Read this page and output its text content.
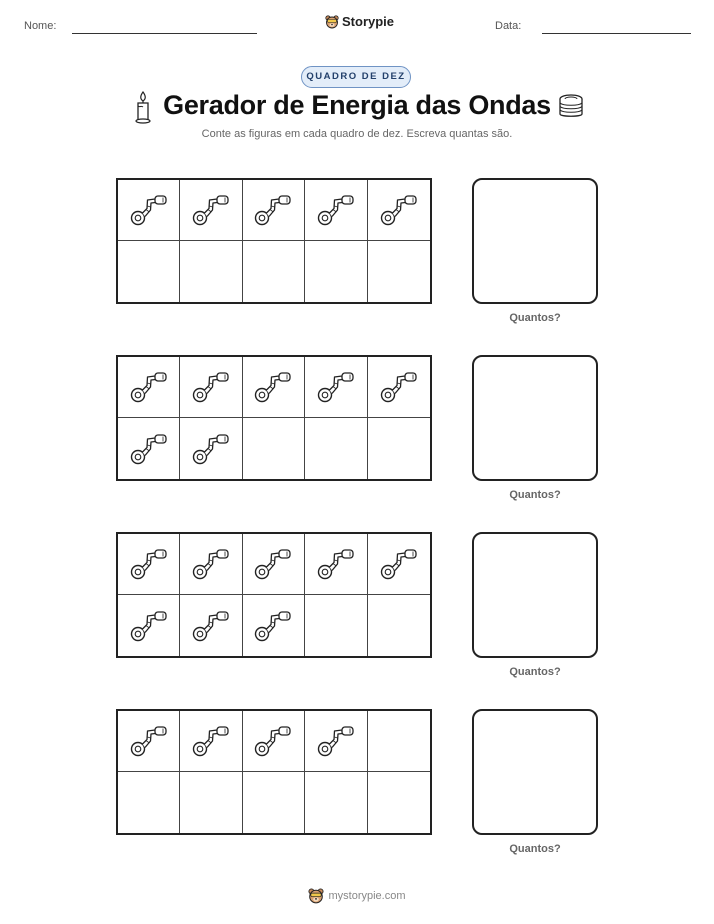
Nome:	Storypie	Data:
QUADRO DE DEZ
Gerador de Energia das Ondas
Conte as figuras em cada quadro de dez. Escreva quantas são.
Quantos?
Quantos?
Quantos?
Quantos?
mystorypie.com
